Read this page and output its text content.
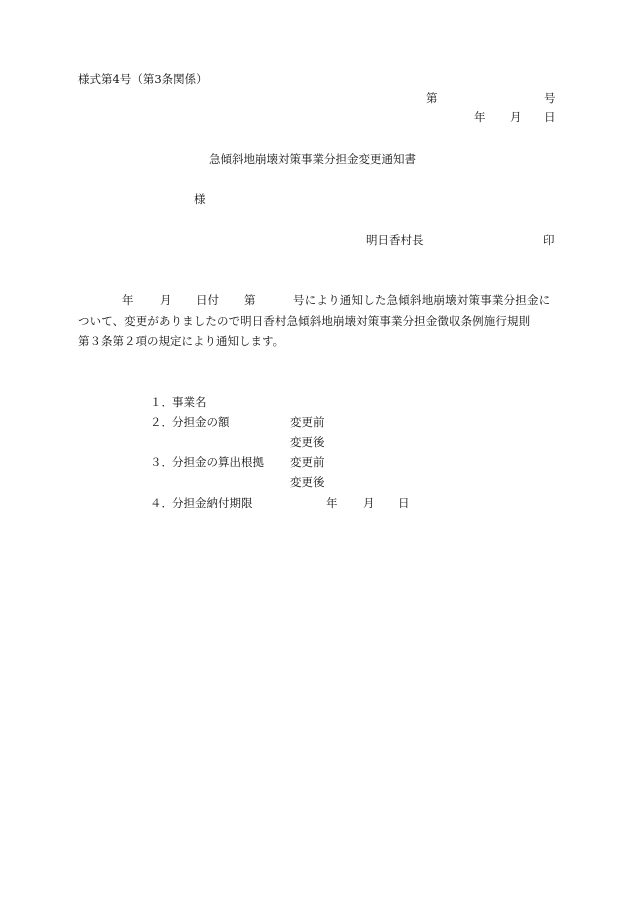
様式第4号（第3条関係）
第	号
年 月 日
急傾斜地崩壊対策事業分担金変更通知書
様
明日香村長	印
年 月 日付 第	号により通知した急傾斜地崩壊対策事業分担金に
ついて、変更がありましたので明日香村急傾斜地崩壊対策事業分担金徴収条例施行規則
第３条第２項の規定により通知します。
１．事業名
２．分担金の額	変更前
変更後
３．分担金の算出根拠 変更前
変更後
４．分担金納付期限	年 月 日
